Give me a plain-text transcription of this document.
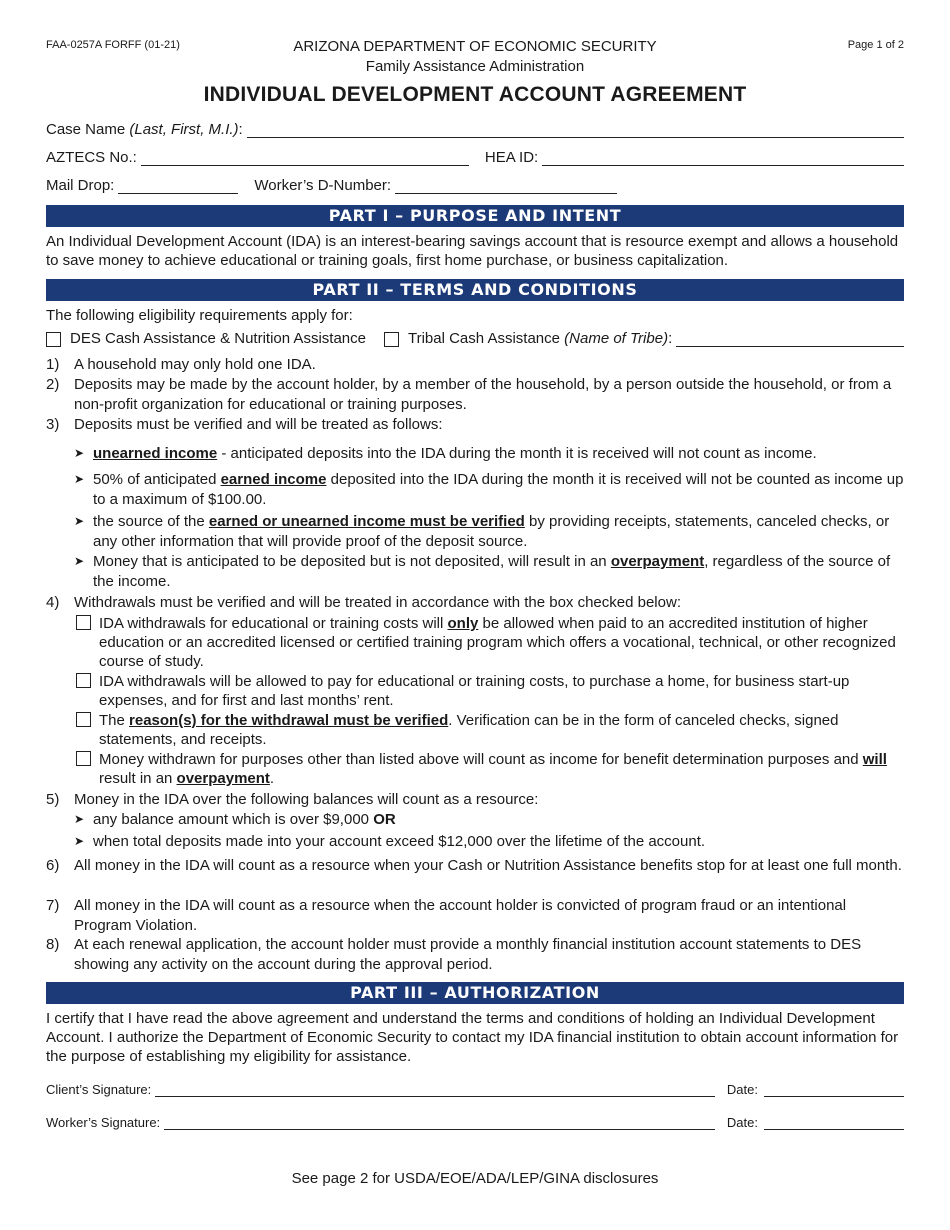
FAA-0257A FORFF (01-21)	Page 1 of 2
ARIZONA DEPARTMENT OF ECONOMIC SECURITY
Family Assistance Administration
INDIVIDUAL DEVELOPMENT ACCOUNT AGREEMENT
Case Name
(Last, First, M.I.) :
AZTECS No.:	HEA ID:
Mail Drop:	Worker’s D-Number:
PART I – PURPOSE AND INTENT
An Individual Development Account (IDA) is an interest-bearing savings account that is resource exempt and allows a household to save money to achieve educational or training goals, first home purchase, or business capitalization.
PART II – TERMS AND CONDITIONS
The following eligibility requirements apply for:
DES Cash Assistance & Nutrition Assistance	Tribal Cash Assistance
(Name of Tribe) :
1) A household may only hold one IDA.
2) Deposits may be made by the account holder, by a member of the household, by a person outside the household, or from a non-profit organization for educational or training purposes.
3) Deposits must be verified and will be treated as follows:
➤ unearned income - anticipated deposits into the IDA during the month it is received will not count as income.
➤ 50% of anticipated earned income deposited into the IDA during the month it is received will not be counted as income up to a maximum of $100.00.
➤ the source of the earned or unearned income must be verified by providing receipts, statements, canceled checks, or any other information that will provide proof of the deposit source.
➤ Money that is anticipated to be deposited but is not deposited, will result in an overpayment, regardless of the source of the income.
4) Withdrawals must be verified and will be treated in accordance with the box checked below:
IDA withdrawals for educational or training costs will only be allowed when paid to an accredited institution of higher education or an accredited licensed or certified training program which offers a vocational, technical, or other recognized course of study.
IDA withdrawals will be allowed to pay for educational or training costs, to purchase a home, for business start-up expenses, and for first and last months’ rent.
The reason(s) for the withdrawal must be verified. Verification can be in the form of canceled checks, signed statements, and receipts.
Money withdrawn for purposes other than listed above will count as income for benefit determination purposes and will result in an overpayment.
5) Money in the IDA over the following balances will count as a resource:
➤ any balance amount which is over $9,000 OR
➤ when total deposits made into your account exceed $12,000 over the lifetime of the account.
6) All money in the IDA will count as a resource when your Cash or Nutrition Assistance benefits stop for at least one full month.
7) All money in the IDA will count as a resource when the account holder is convicted of program fraud or an intentional Program Violation.
8) At each renewal application, the account holder must provide a monthly financial institution account statements to DES showing any activity on the account during the approval period.
PART III – AUTHORIZATION
I certify that I have read the above agreement and understand the terms and conditions of holding an Individual Development Account. I authorize the Department of Economic Security to contact my IDA financial institution to obtain account information for the purpose of establishing my eligibility for assistance.
Client’s Signature:	Date:
Worker’s Signature:	Date:
See page 2 for USDA/EOE/ADA/LEP/GINA disclosures
